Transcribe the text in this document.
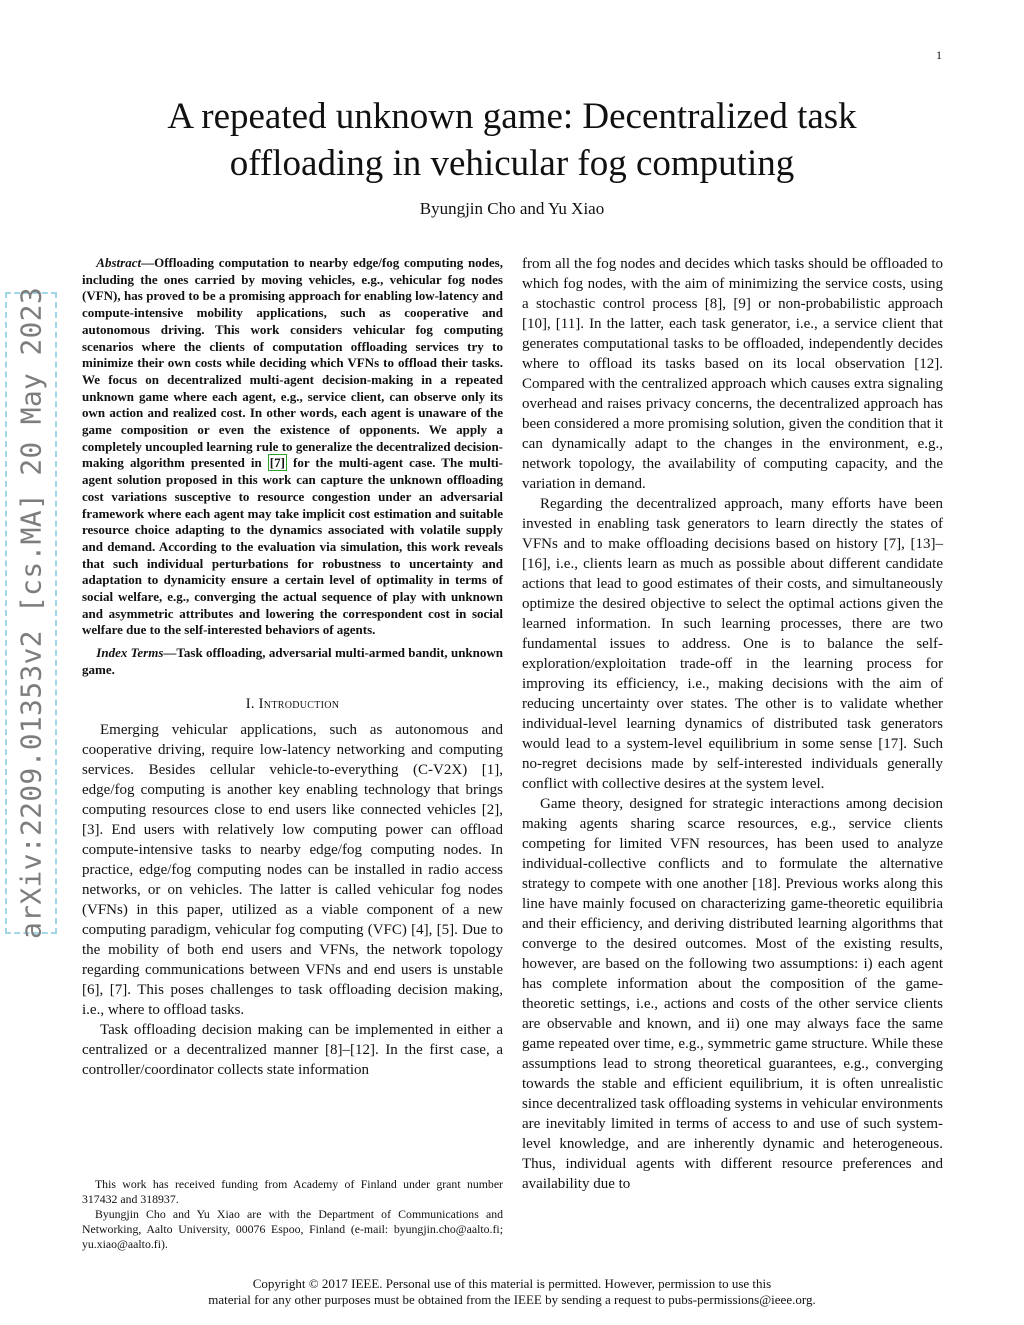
1
arXiv:2209.01353v2 [cs.MA] 20 May 2023
A repeated unknown game: Decentralized task
offloading in vehicular fog computing
Byungjin Cho and Yu Xiao

Abstract—Offloading computation to nearby edge/fog computing nodes, including the ones carried by moving vehicles, e.g., vehicular fog nodes (VFN), has proved to be a promising approach for enabling low-latency and compute-intensive mobility applications, such as cooperative and autonomous driving. This work considers vehicular fog computing scenarios where the clients of computation offloading services try to minimize their own costs while deciding which VFNs to offload their tasks. We focus on decentralized multi-agent decision-making in a repeated unknown game where each agent, e.g., service client, can observe only its own action and realized cost. In other words, each agent is unaware of the game composition or even the existence of opponents. We apply a completely uncoupled learning rule to generalize the decentralized decision-making algorithm presented in [7] for the multi-agent case. The multi-agent solution proposed in this work can capture the unknown offloading cost variations susceptive to resource congestion under an adversarial framework where each agent may take implicit cost estimation and suitable resource choice adapting to the dynamics associated with volatile supply and demand. According to the evaluation via simulation, this work reveals that such individual perturbations for robustness to uncertainty and adaptation to dynamicity ensure a certain level of optimality in terms of social welfare, e.g., converging the actual sequence of play with unknown and asymmetric attributes and lowering the correspondent cost in social welfare due to the self-interested behaviors of agents.

Index Terms—Task offloading, adversarial multi-armed bandit, unknown game.

I. Introduction

Emerging vehicular applications, such as autonomous and cooperative driving, require low-latency networking and computing services. Besides cellular vehicle-to-everything (C-V2X) [1], edge/fog computing is another key enabling technology that brings computing resources close to end users like connected vehicles [2], [3]. End users with relatively low computing power can offload compute-intensive tasks to nearby edge/fog computing nodes. In practice, edge/fog computing nodes can be installed in radio access networks, or on vehicles. The latter is called vehicular fog nodes (VFNs) in this paper, utilized as a viable component of a new computing paradigm, vehicular fog computing (VFC) [4], [5]. Due to the mobility of both end users and VFNs, the network topology regarding communications between VFNs and end users is unstable [6], [7]. This poses challenges to task offloading decision making, i.e., where to offload tasks.

Task offloading decision making can be implemented in either a centralized or a decentralized manner [8]–[12]. In the first case, a controller/coordinator collects state information

from all the fog nodes and decides which tasks should be offloaded to which fog nodes, with the aim of minimizing the service costs, using a stochastic control process [8], [9] or non-probabilistic approach [10], [11]. In the latter, each task generator, i.e., a service client that generates computational tasks to be offloaded, independently decides where to offload its tasks based on its local observation [12]. Compared with the centralized approach which causes extra signaling overhead and raises privacy concerns, the decentralized approach has been considered a more promising solution, given the condition that it can dynamically adapt to the changes in the environment, e.g., network topology, the availability of computing capacity, and the variation in demand.

Regarding the decentralized approach, many efforts have been invested in enabling task generators to learn directly the states of VFNs and to make offloading decisions based on history [7], [13]–[16], i.e., clients learn as much as possible about different candidate actions that lead to good estimates of their costs, and simultaneously optimize the desired objective to select the optimal actions given the learned information. In such learning processes, there are two fundamental issues to address. One is to balance the self-exploration/exploitation trade-off in the learning process for improving its efficiency, i.e., making decisions with the aim of reducing uncertainty over states. The other is to validate whether individual-level learning dynamics of distributed task generators would lead to a system-level equilibrium in some sense [17]. Such no-regret decisions made by self-interested individuals generally conflict with collective desires at the system level.

Game theory, designed for strategic interactions among decision making agents sharing scarce resources, e.g., service clients competing for limited VFN resources, has been used to analyze individual-collective conflicts and to formulate the alternative strategy to compete with one another [18]. Previous works along this line have mainly focused on characterizing game-theoretic equilibria and their efficiency, and deriving distributed learning algorithms that converge to the desired outcomes. Most of the existing results, however, are based on the following two assumptions: i) each agent has complete information about the composition of the game-theoretic settings, i.e., actions and costs of the other service clients are observable and known, and ii) one may always face the same game repeated over time, e.g., symmetric game structure. While these assumptions lead to strong theoretical guarantees, e.g., converging towards the stable and efficient equilibrium, it is often unrealistic since decentralized task offloading systems in vehicular environments are inevitably limited in terms of access to and use of such system-level knowledge, and are inherently dynamic and heterogeneous. Thus, individual agents with different resource preferences and availability due to

This work has received funding from Academy of Finland under grant number 317432 and 318937.

Byungjin Cho and Yu Xiao are with the Department of Communications and Networking, Aalto University, 00076 Espoo, Finland (e-mail: byungjin.cho@aalto.fi; yu.xiao@aalto.fi).

Copyright © 2017 IEEE. Personal use of this material is permitted. However, permission to use this
material for any other purposes must be obtained from the IEEE by sending a request to pubs-permissions@ieee.org.
